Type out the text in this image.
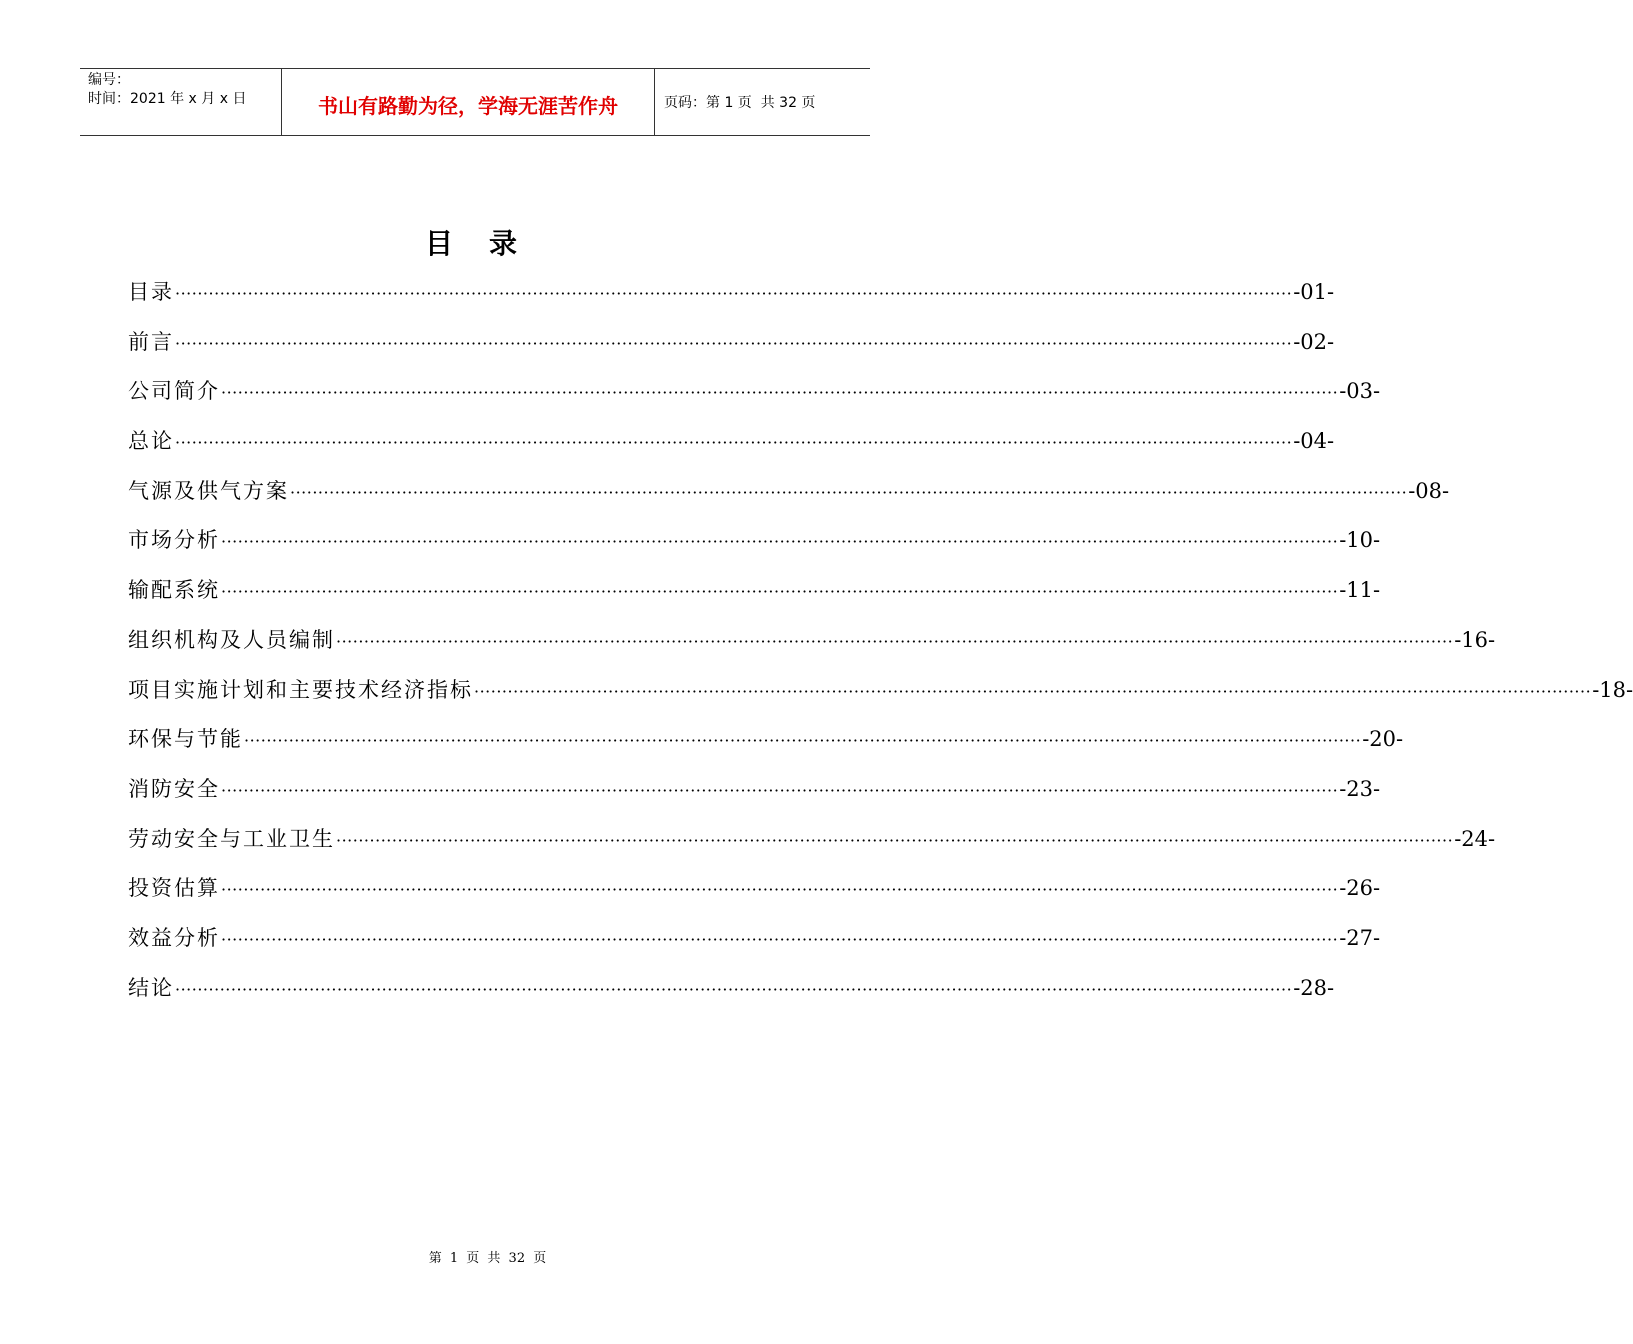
编号：
时间：2021 年 x 月 x 日	书山有路勤为径，学海无涯苦作舟	页码：第 1 页  共 32 页
目录
目录 ········································································································································································································ -01-
前言 ········································································································································································································ -02-
公司简介 ········································································································································································································ -03-
总论 ········································································································································································································ -04-
气源及供气方案 ········································································································································································································ -08-
市场分析 ········································································································································································································ -10-
输配系统 ········································································································································································································ -11-
组织机构及人员编制 ········································································································································································································ -16-
项目实施计划和主要技术经济指标 ········································································································································································································ -18-
环保与节能 ········································································································································································································ -20-
消防安全 ········································································································································································································ -23-
劳动安全与工业卫生 ········································································································································································································ -24-
投资估算 ········································································································································································································ -26-
效益分析 ········································································································································································································ -27-
结论 ········································································································································································································ -28-
第 1 页 共 32 页
